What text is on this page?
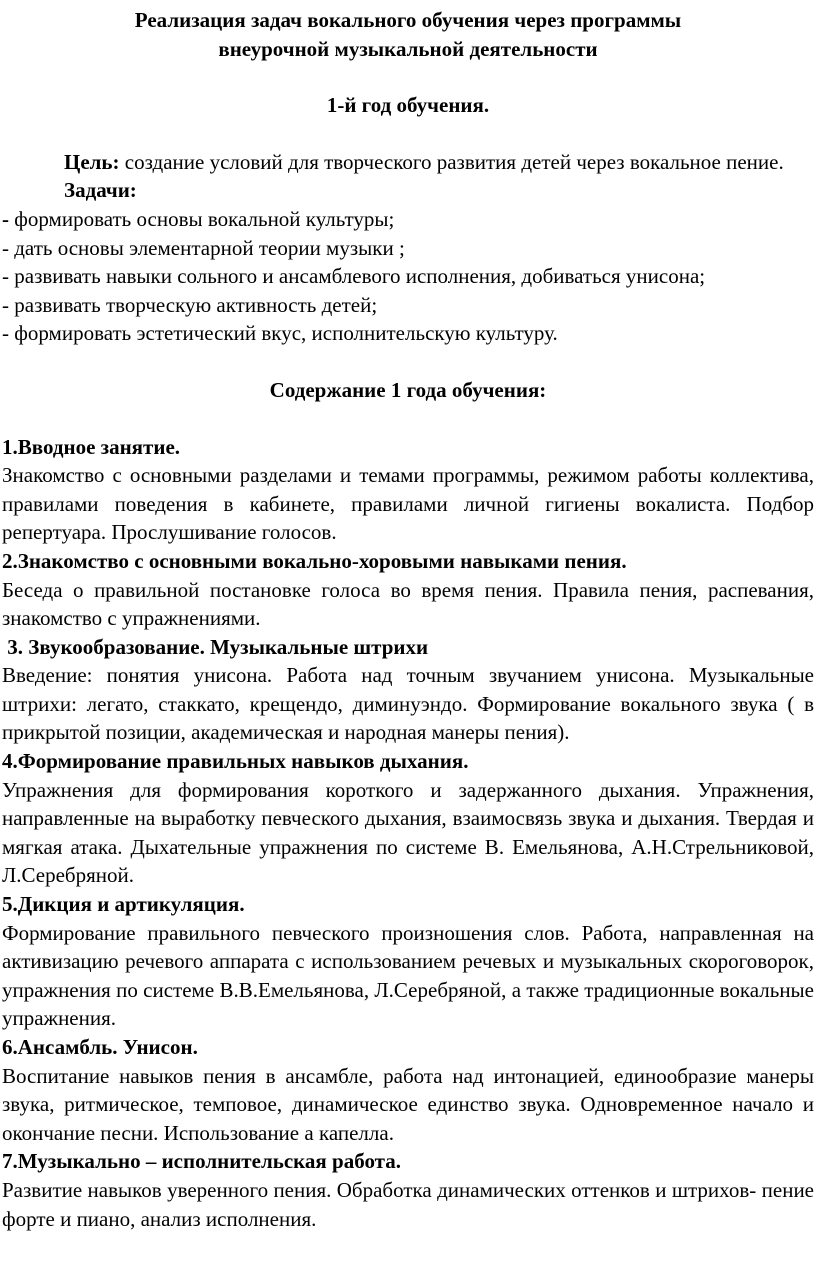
Реализация задач вокального обучения через программы
внеурочной музыкальной деятельности
1-й год обучения.

Цель: создание условий для творческого развития детей через вокальное пение.

Задачи:

- формировать основы вокальной культуры;

- дать основы элементарной теории музыки ;

- развивать навыки сольного и ансамблевого исполнения, добиваться унисона;

- развивать творческую активность детей;

- формировать эстетический вкус, исполнительскую культуру.

Содержание 1 года обучения:

1.Вводное занятие.

Знакомство с основными разделами и темами программы, режимом работы коллектива, правилами поведения в кабинете, правилами личной гигиены вокалиста. Подбор репертуара. Прослушивание голосов.

2.Знакомство с основными вокально-хоровыми навыками пения.

Беседа о правильной постановке голоса во время пения. Правила пения, распевания, знакомство с упражнениями.

3. Звукообразование. Музыкальные штрихи

Введение: понятия унисона. Работа над точным звучанием унисона. Музыкальные штрихи: легато, стаккато, крещендо, диминуэндо. Формирование вокального звука ( в прикрытой позиции, академическая и народная манеры пения).

4.Формирование правильных навыков дыхания.

Упражнения для формирования короткого и задержанного дыхания. Упражнения, направленные на выработку певческого дыхания, взаимосвязь звука и дыхания. Твердая и мягкая атака. Дыхательные упражнения по системе В. Емельянова, А.Н.Стрельниковой, Л.Серебряной.

5.Дикция и артикуляция.

Формирование правильного певческого произношения слов. Работа, направленная на активизацию речевого аппарата с использованием речевых и музыкальных скороговорок, упражнения по системе В.В.Емельянова, Л.Серебряной, а также традиционные вокальные упражнения.

6.Ансамбль. Унисон.

Воспитание навыков пения в ансамбле, работа над интонацией, единообразие манеры звука, ритмическое, темповое, динамическое единство звука. Одновременное начало и окончание песни. Использование а капелла.

7.Музыкально – исполнительская работа.

Развитие навыков уверенного пения. Обработка динамических оттенков и штрихов- пение форте и пиано, анализ исполнения.
